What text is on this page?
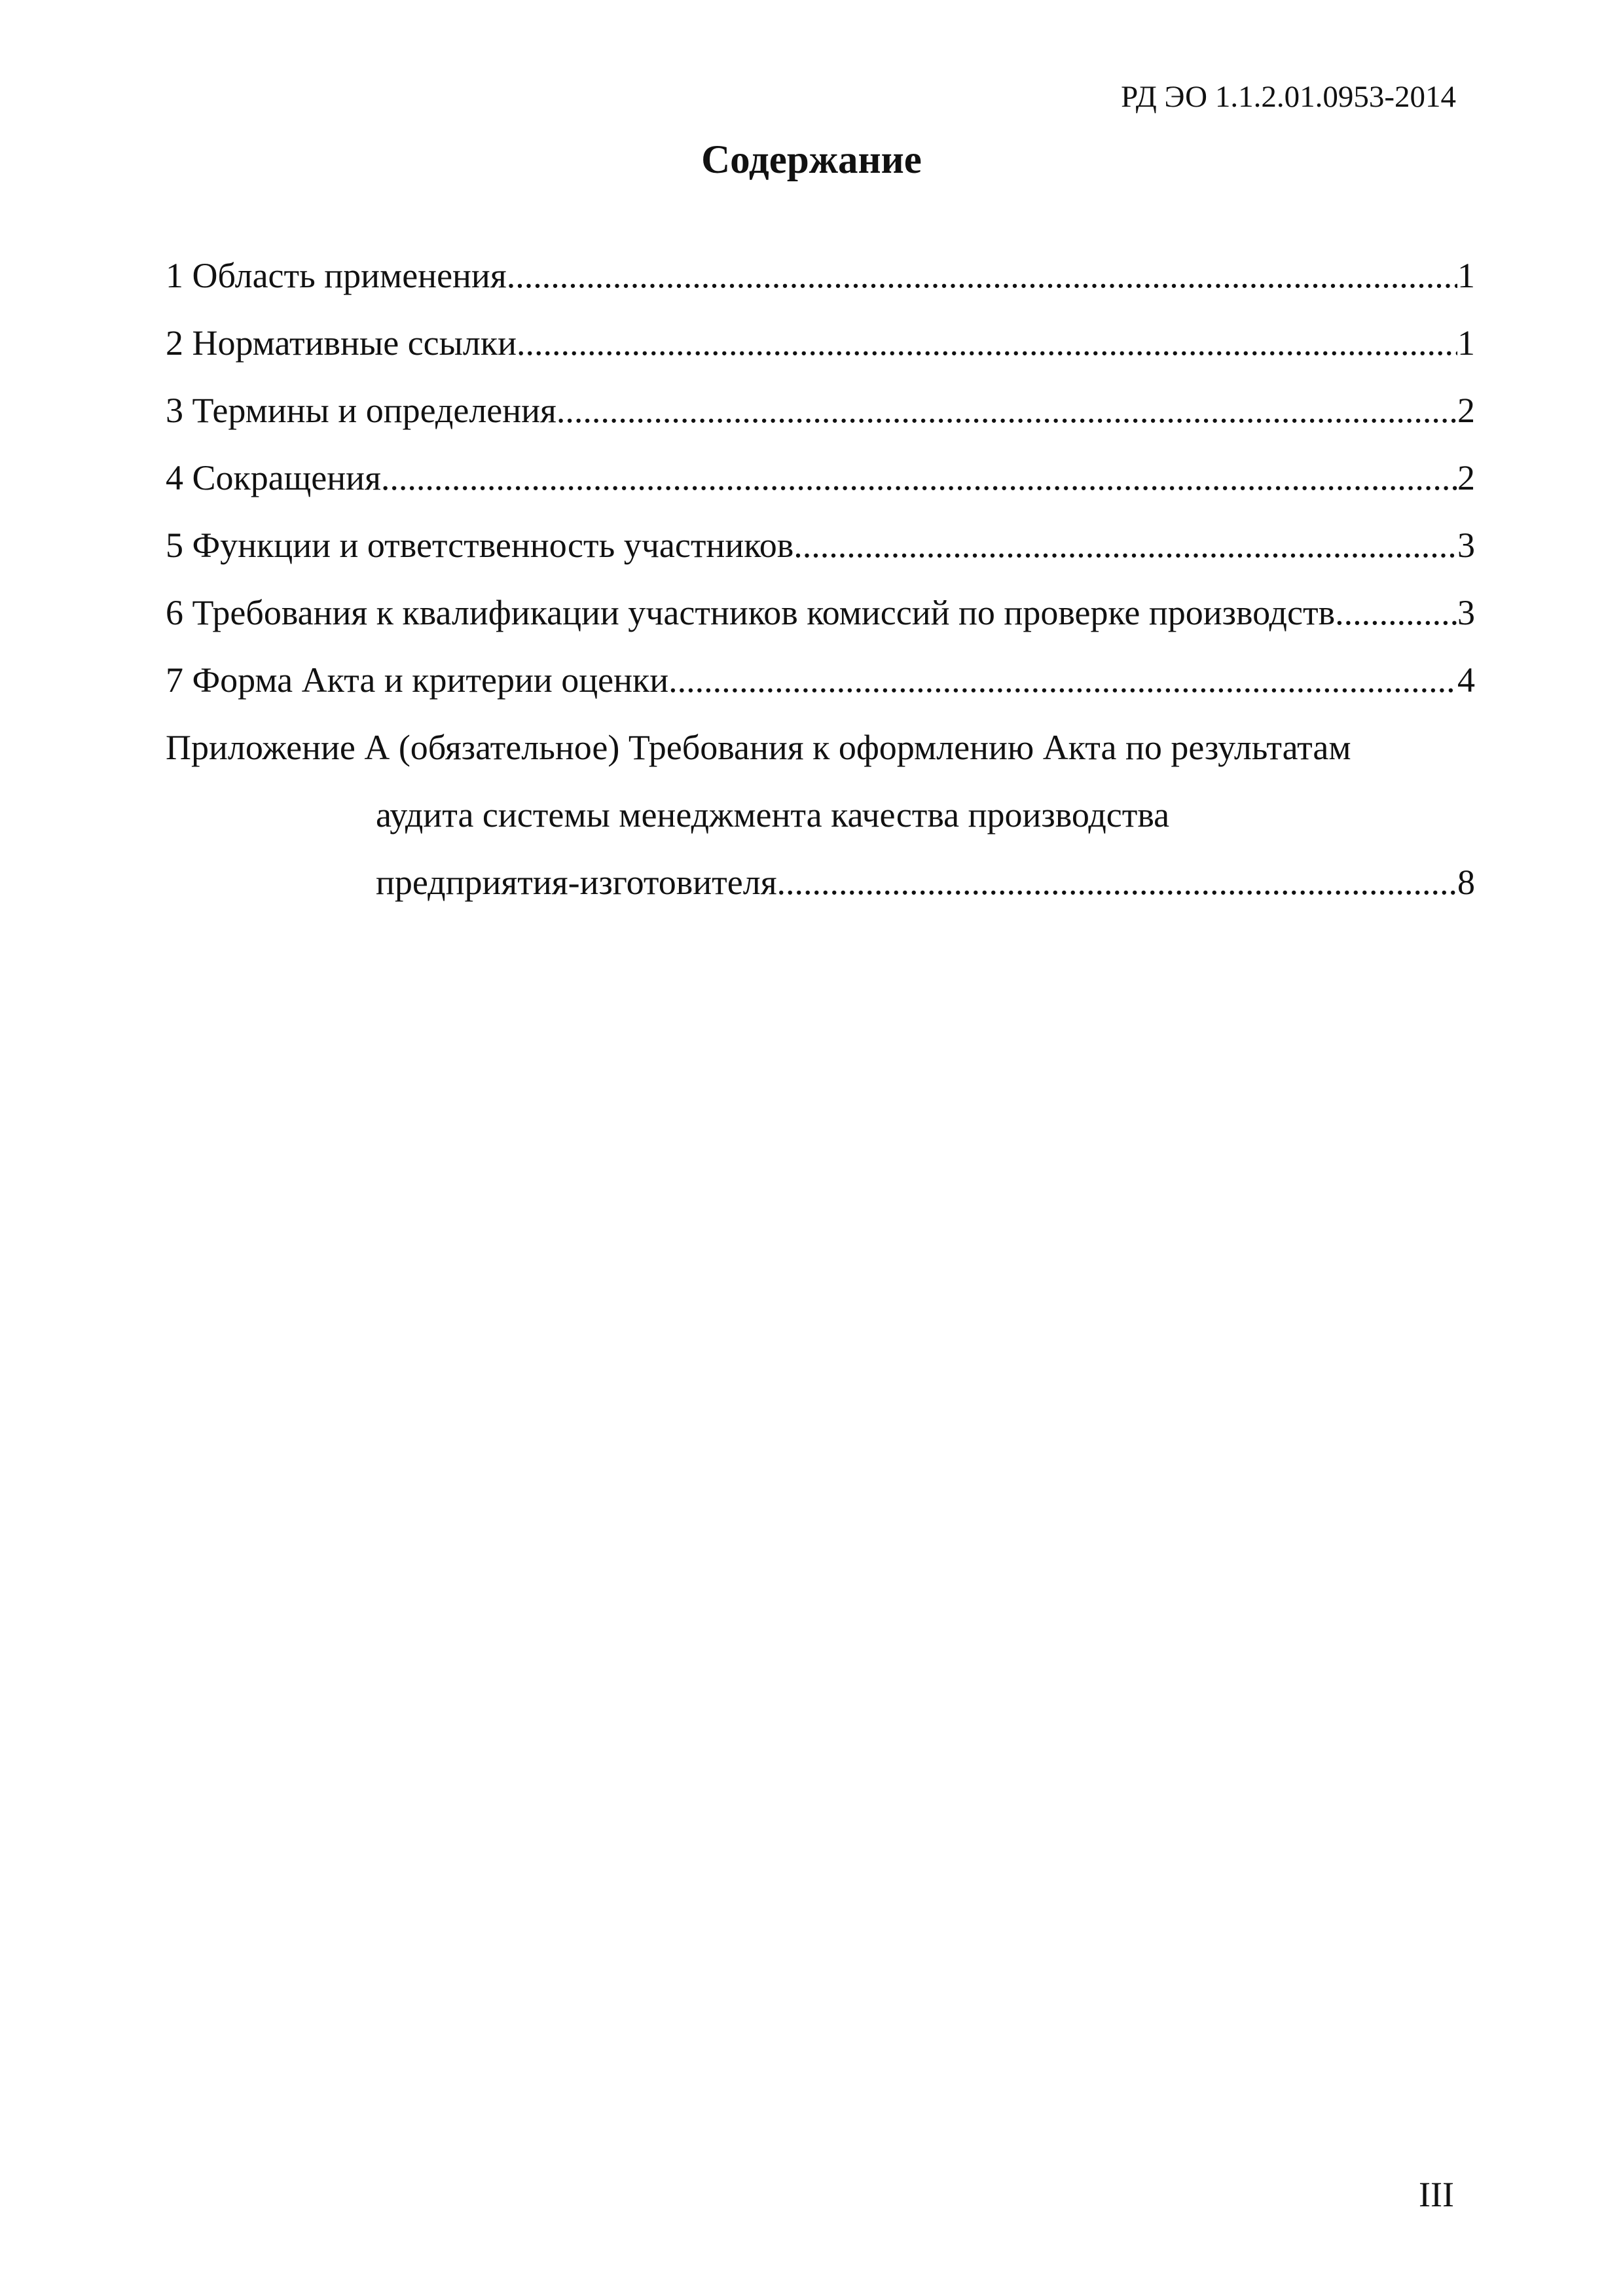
РД ЭО 1.1.2.01.0953-2014
Содержание
1 Область применения .....	1
2 Нормативные ссылки .....	1
3 Термины и определения .....	2
4 Сокращения .....	2
5 Функции и ответственность участников .....	3
6 Требования к квалификации участников комиссий по проверке производств .....	3
7 Форма Акта и критерии оценки .....	4
Приложение А (обязательное) Требования к оформлению Акта по результатам
аудита системы менеджмента качества производства
предприятия-изготовителя .....	8
III
